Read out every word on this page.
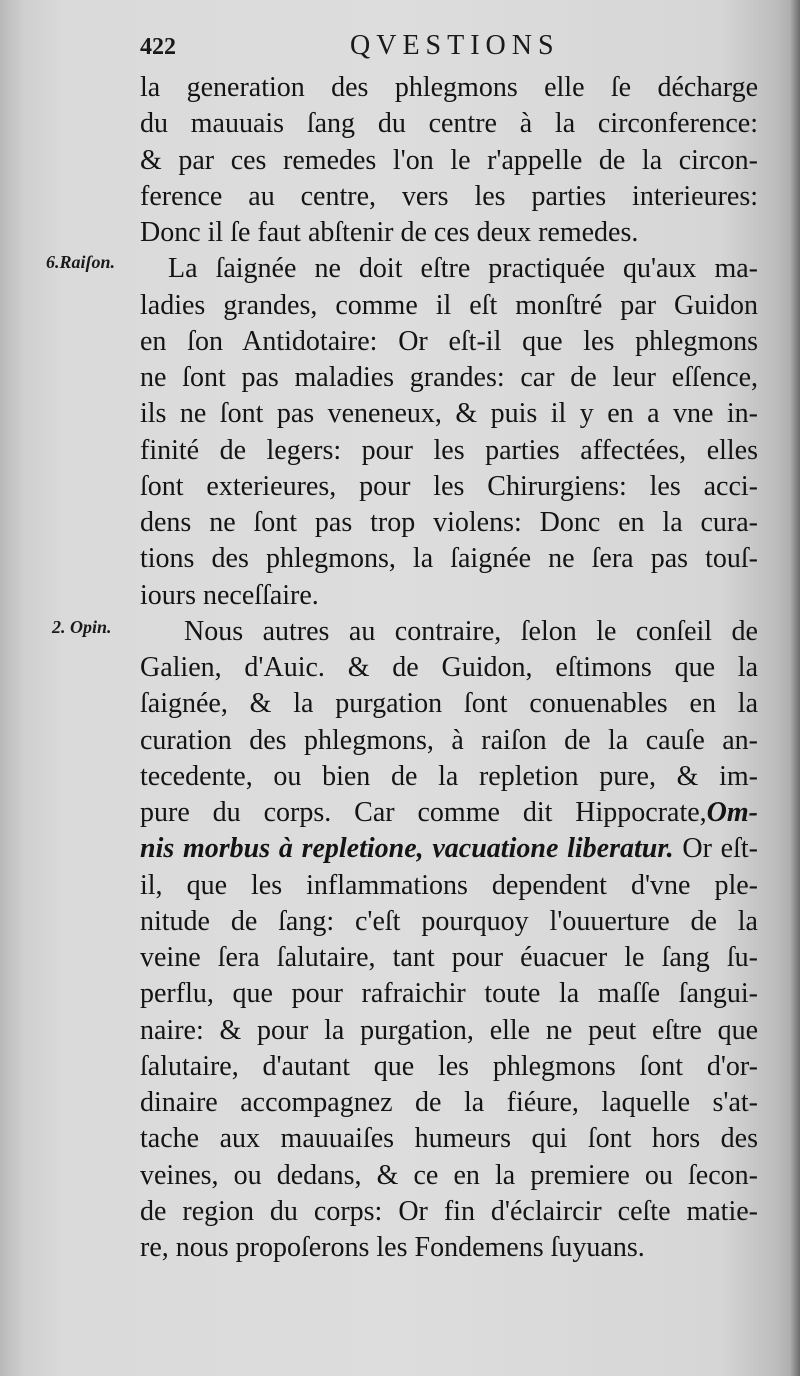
422	QVESTIONS
6.Raiſon.
2. Opin.
la generation des phlegmons elle ſe décharge
du mauuais ſang du centre à la circonference:
& par ces remedes l'on le r'appelle de la circon-
ference au centre, vers les parties interieures:
Donc il ſe faut abſtenir de ces deux remedes.
La ſaignée ne doit eſtre practiquée qu'aux ma-
ladies grandes, comme il eſt monſtré par Guidon
en ſon Antidotaire: Or eſt-il que les phlegmons
ne ſont pas maladies grandes: car de leur eſſence,
ils ne ſont pas veneneux, & puis il y en a vne in-
finité de legers: pour les parties affectées, elles
ſont exterieures, pour les Chirurgiens: les acci-
dens ne ſont pas trop violens: Donc en la cura-
tions des phlegmons, la ſaignée ne ſera pas touſ-
iours neceſſaire.
Nous autres au contraire, ſelon le conſeil de
Galien, d'Auic. & de Guidon, eſtimons que la
ſaignée, & la purgation ſont conuenables en la
curation des phlegmons, à raiſon de la cauſe an-
tecedente, ou bien de la repletion pure, & im-
pure du corps. Car comme dit Hippocrate,Om-
nis morbus à repletione, vacuatione liberatur. Or eſt-
il, que les inflammations dependent d'vne ple-
nitude de ſang: c'eſt pourquoy l'ouuerture de la
veine ſera ſalutaire, tant pour éuacuer le ſang ſu-
perflu, que pour rafraichir toute la maſſe ſangui-
naire: & pour la purgation, elle ne peut eſtre que
ſalutaire, d'autant que les phlegmons ſont d'or-
dinaire accompagnez de la fiéure, laquelle s'at-
tache aux mauuaiſes humeurs qui ſont hors des
veines, ou dedans, & ce en la premiere ou ſecon-
de region du corps: Or fin d'éclaircir ceſte matie-
re, nous propoſerons les Fondemens ſuyuans.
